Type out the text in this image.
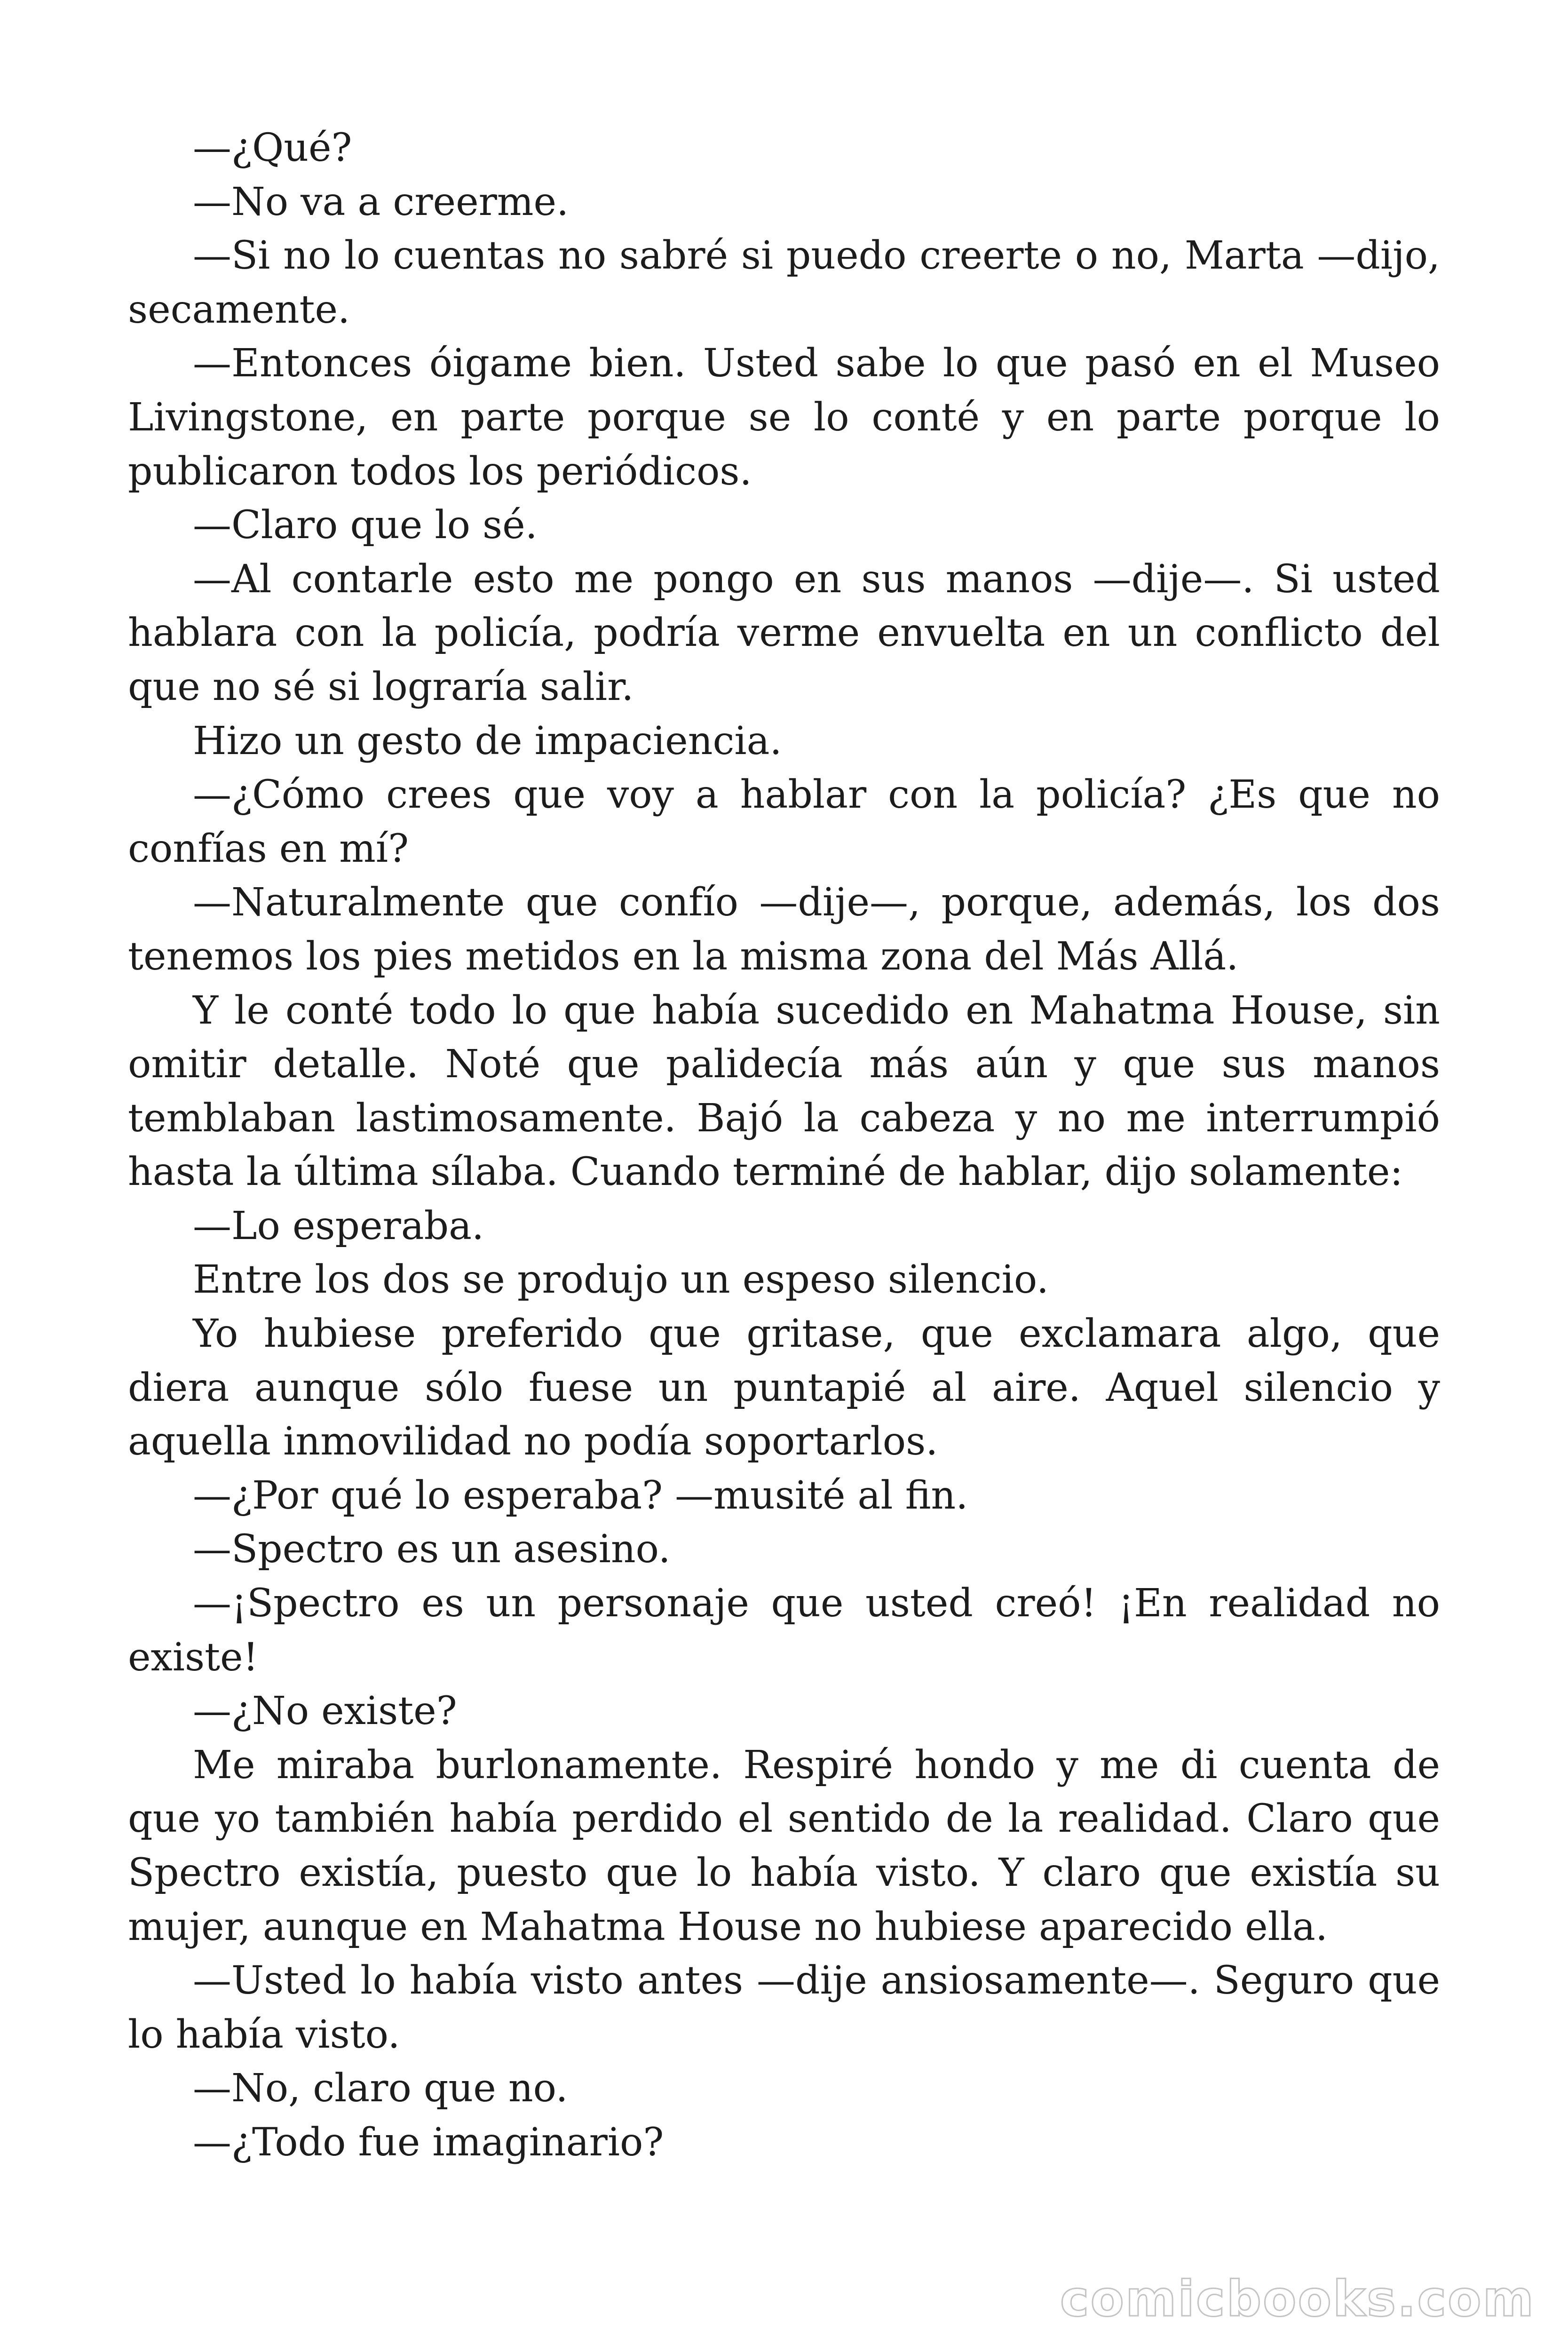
—¿Qué?

—No va a creerme.

—Si no lo cuentas no sabré si puedo creerte o no, Marta —dijo, secamente.

—Entonces óigame bien. Usted sabe lo que pasó en el Museo Livingstone, en parte porque se lo conté y en parte porque lo publicaron todos los periódicos.

—Claro que lo sé.

—Al contarle esto me pongo en sus manos —dije—. Si usted hablara con la policía, podría verme envuelta en un conflicto del que no sé si lograría salir.

Hizo un gesto de impaciencia.

—¿Cómo crees que voy a hablar con la policía? ¿Es que no confías en mí?

—Naturalmente que confío —dije—, porque, además, los dos tenemos los pies metidos en la misma zona del Más Allá.

Y le conté todo lo que había sucedido en Mahatma House, sin omitir detalle. Noté que palidecía más aún y que sus manos temblaban lastimosamente. Bajó la cabeza y no me interrumpió hasta la última sílaba. Cuando terminé de hablar, dijo solamente:

—Lo esperaba.

Entre los dos se produjo un espeso silencio.

Yo hubiese preferido que gritase, que exclamara algo, que diera aunque sólo fuese un puntapié al aire. Aquel silencio y aquella inmovilidad no podía soportarlos.

—¿Por qué lo esperaba? —musité al fin.

—Spectro es un asesino.

—¡Spectro es un personaje que usted creó! ¡En realidad no existe!

—¿No existe?

Me miraba burlonamente. Respiré hondo y me di cuenta de que yo también había perdido el sentido de la realidad. Claro que Spectro existía, puesto que lo había visto. Y claro que existía su mujer, aunque en Mahatma House no hubiese aparecido ella.

—Usted lo había visto antes —dije ansiosamente—. Seguro que lo había visto.

—No, claro que no.

—¿Todo fue imaginario?

comicbooks.com
